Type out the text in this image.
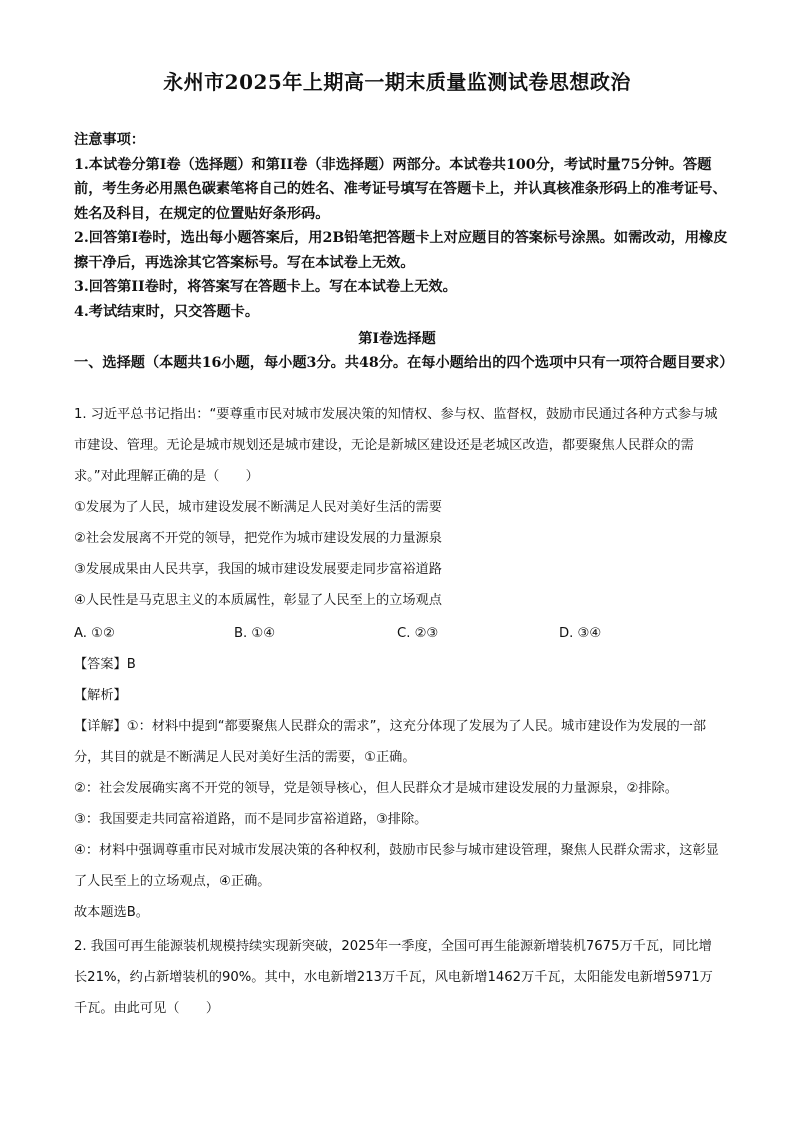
永州市2025年上期高一期末质量监测试卷思想政治

注意事项：

1.本试卷分第Ⅰ卷（选择题）和第II卷（非选择题）两部分。本试卷共100分，考试时量75分钟。答题前，考生务必用黑色碳素笔将自己的姓名、准考证号填写在答题卡上，并认真核准条形码上的准考证号、姓名及科目，在规定的位置贴好条形码。

2.回答第Ⅰ卷时，选出每小题答案后，用2B铅笔把答题卡上对应题目的答案标号涂黑。如需改动，用橡皮擦干净后，再选涂其它答案标号。写在本试卷上无效。

3.回答第II卷时，将答案写在答题卡上。写在本试卷上无效。

4.考试结束时，只交答题卡。

第Ⅰ卷选择题
一、选择题（本题共16小题，每小题3分。共48分。在每小题给出的四个选项中只有一项符合题目要求）

1. 习近平总书记指出：“要尊重市民对城市发展决策的知情权、参与权、监督权，鼓励市民通过各种方式参与城市建设、管理。无论是城市规划还是城市建设，无论是新城区建设还是老城区改造，都要聚焦人民群众的需求。”对此理解正确的是（　　）

①发展为了人民，城市建设发展不断满足人民对美好生活的需要

②社会发展离不开党的领导，把党作为城市建设发展的力量源泉

③发展成果由人民共享，我国的城市建设发展要走同步富裕道路

④人民性是马克思主义的本质属性，彰显了人民至上的立场观点

A. ①②	B. ①④	C. ②③	D. ③④
【答案】B
【解析】

【详解】①：材料中提到“都要聚焦人民群众的需求”，这充分体现了发展为了人民。城市建设作为发展的一部分，其目的就是不断满足人民对美好生活的需要，①正确。

②：社会发展确实离不开党的领导，党是领导核心，但人民群众才是城市建设发展的力量源泉，②排除。

③：我国要走共同富裕道路，而不是同步富裕道路，③排除。

④：材料中强调尊重市民对城市发展决策的各种权利，鼓励市民参与城市建设管理，聚焦人民群众需求，这彰显了人民至上的立场观点，④正确。

故本题选B。

2. 我国可再生能源装机规模持续实现新突破，2025年一季度，全国可再生能源新增装机7675万千瓦，同比增长21%，约占新增装机的90%。其中，水电新增213万千瓦，风电新增1462万千瓦，太阳能发电新增5971万千瓦。由此可见（　　）
